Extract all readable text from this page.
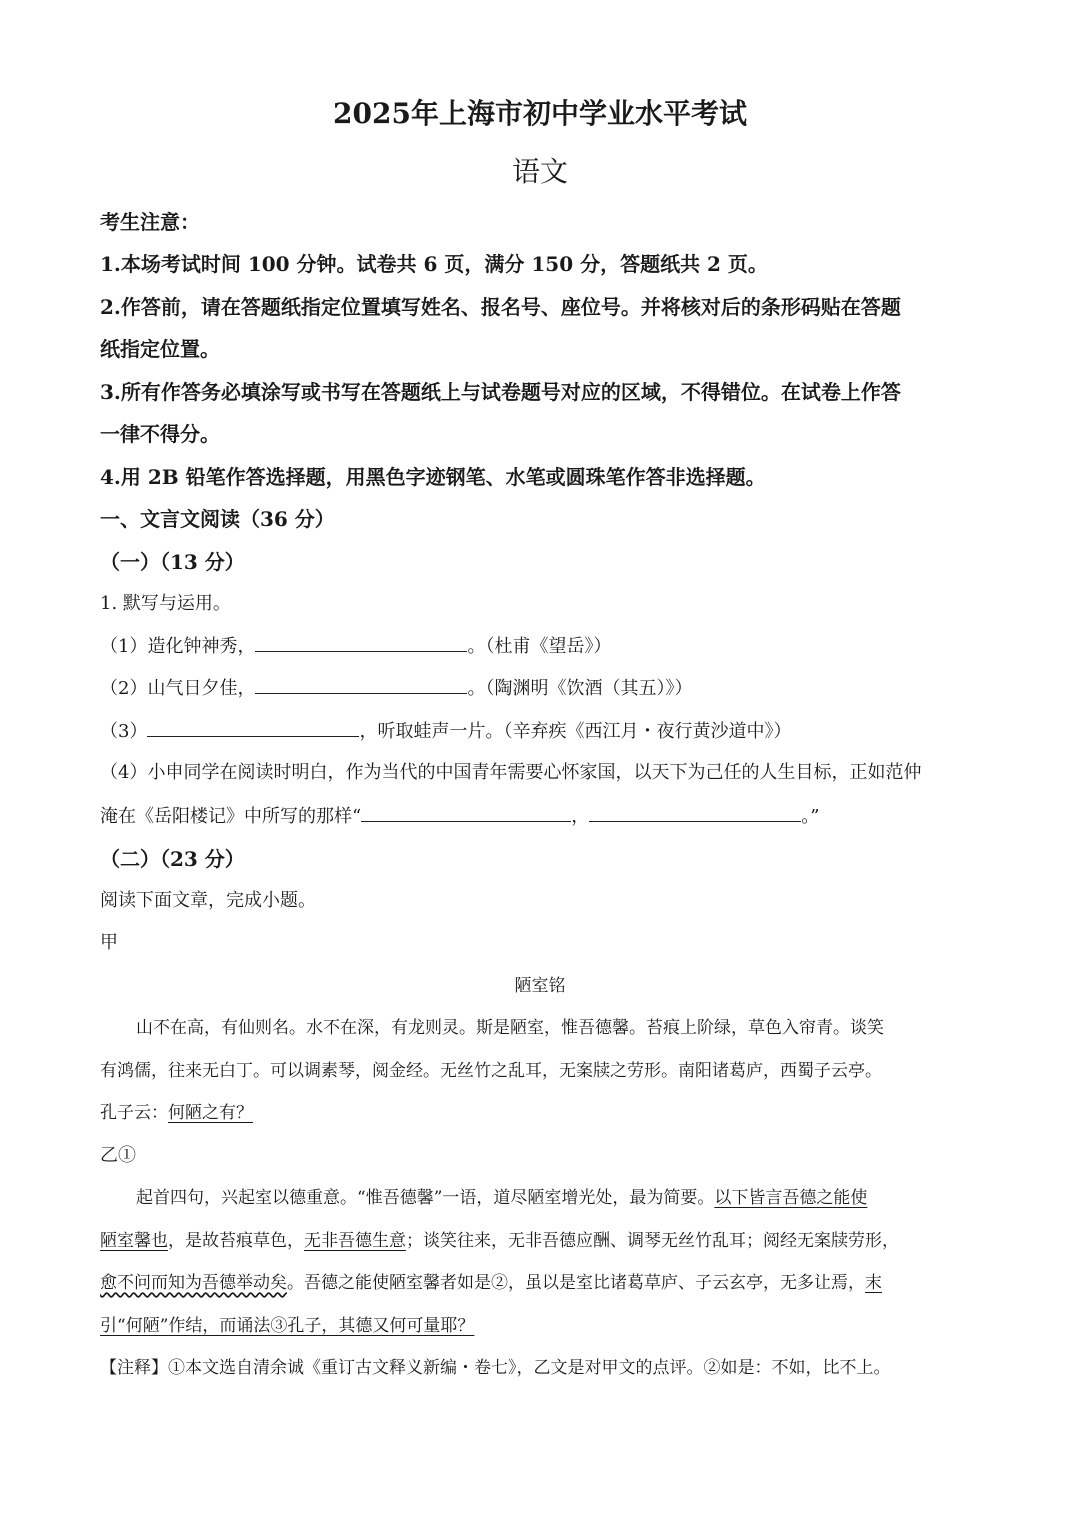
2025年上海市初中学业水平考试
语文
考生注意：
1.本场考试时间 100 分钟。试卷共 6 页，满分 150 分，答题纸共 2 页。
2.作答前，请在答题纸指定位置填写姓名、报名号、座位号。并将核对后的条形码贴在答题
纸指定位置。
3.所有作答务必填涂写或书写在答题纸上与试卷题号对应的区域，不得错位。在试卷上作答
一律不得分。
4.用 2B 铅笔作答选择题，用黑色字迹钢笔、水笔或圆珠笔作答非选择题。
一、文言文阅读（36 分）
（一）（13 分）
1. 默写与运用。
（1）造化钟神秀，	。（杜甫《望岳》）
（2）山气日夕佳，	。（陶渊明《饮酒（其五）》）
（3）	，听取蛙声一片。（辛弃疾《西江月・夜行黄沙道中》）
（4）小申同学在阅读时明白，作为当代的中国青年需要心怀家国，以天下为己任的人生目标，正如范仲
淹在《岳阳楼记》中所写的那样“	，	。”
（二）（23 分）
阅读下面文章，完成小题。
甲
陋室铭
山不在高，有仙则名。水不在深，有龙则灵。斯是陋室，惟吾德馨。苔痕上阶绿，草色入帘青。谈笑
有鸿儒，往来无白丁。可以调素琴，阅金经。无丝竹之乱耳，无案牍之劳形。南阳诸葛庐，西蜀子云亭。
孔子云：何陋之有？
乙①
起首四句，兴起室以德重意。“惟吾德馨”一语，道尽陋室增光处，最为简要。以下皆言吾德之能使
陋室馨也，是故苔痕草色，无非吾德生意；谈笑往来，无非吾德应酬、调琴无丝竹乱耳；阅经无案牍劳形，
愈不问而知为吾德举动矣。吾德之能使陋室馨者如是②，虽以是室比诸葛草庐、子云玄亭，无多让焉，末
引“何陋”作结，而诵法③孔子，其德又何可量耶？
【注释】①本文选自清余诚《重订古文释义新编・卷七》，乙文是对甲文的点评。②如是：不如，比不上。
